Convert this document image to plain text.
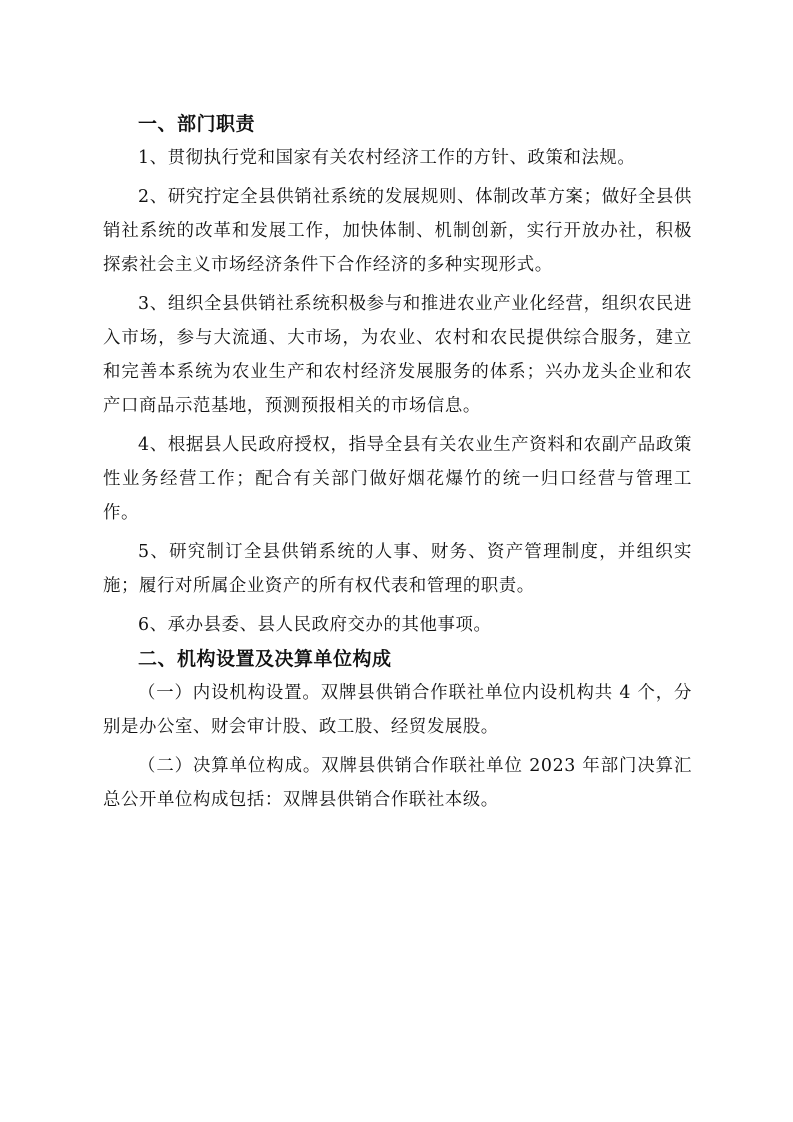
一、部门职责

1、贯彻执行党和国家有关农村经济工作的方针、政策和法规。

2、研究拧定全县供销社系统的发展规则、体制改革方案；做好全县供销社系统的改革和发展工作，加快体制、机制创新，实行开放办社，积极探索社会主义市场经济条件下合作经济的多种实现形式。

3、组织全县供销社系统积极参与和推进农业产业化经营，组织农民进入市场，参与大流通、大市场，为农业、农村和农民提供综合服务，建立和完善本系统为农业生产和农村经济发展服务的体系；兴办龙头企业和农产口商品示范基地，预测预报相关的市场信息。

4、根据县人民政府授权，指导全县有关农业生产资料和农副产品政策性业务经营工作；配合有关部门做好烟花爆竹的统一归口经营与管理工作。

5、研究制订全县供销系统的人事、财务、资产管理制度，并组织实施；履行对所属企业资产的所有权代表和管理的职责。

6、承办县委、县人民政府交办的其他事项。

二、机构设置及决算单位构成

（一）内设机构设置。双牌县供销合作联社单位内设机构共 4 个，分别是办公室、财会审计股、政工股、经贸发展股。

（二）决算单位构成。双牌县供销合作联社单位 2023 年部门决算汇总公开单位构成包括：双牌县供销合作联社本级。
